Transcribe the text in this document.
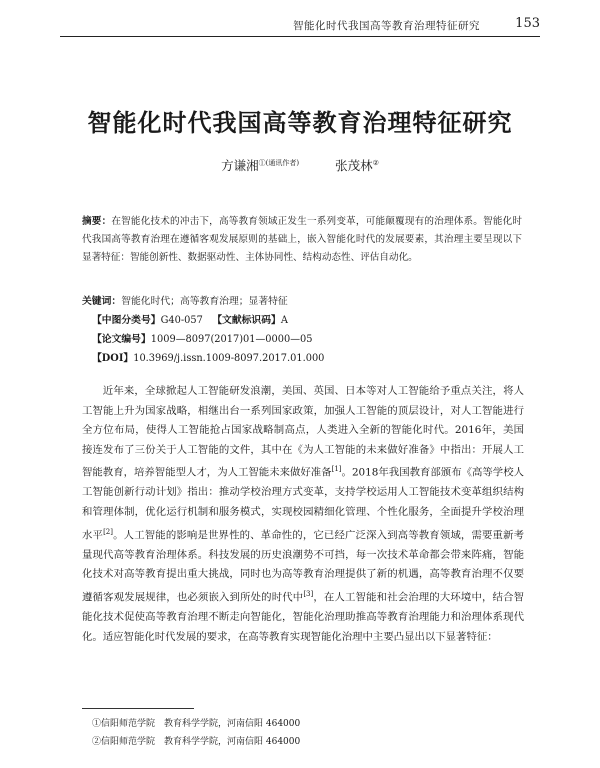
智能化时代我国高等教育治理特征研究	153
智能化时代我国高等教育治理特征研究
方谦湘$^{①(通讯作者)}$	张茂林②
摘要：在智能化技术的冲击下，高等教育领域正发生一系列变革，可能颠覆现有的治理体系。智能化时代我国高等教育治理在遵循客观发展原则的基础上，嵌入智能化时代的发展要素，其治理主要呈现以下显著特征：智能创新性、数据驱动性、主体协同性、结构动态性、评估自动化。
关键词：智能化时代；高等教育治理；显著特征
【中图分类号】G40-057 【文献标识码】A
【论文编号】1009—8097(2017)01—0000—05
【DOI】10.3969/j.issn.1009-8097.2017.01.000
近年来，全球掀起人工智能研发浪潮，美国、英国、日本等对人工智能给予重点关注，将人工智能上升为国家战略，相继出台一系列国家政策，加强人工智能的顶层设计，对人工智能进行全方位布局，使得人工智能抢占国家战略制高点，人类进入全新的智能化时代。2016年，美国接连发布了三份关于人工智能的文件，其中在《为人工智能的未来做好准备》中指出：开展人工智能教育，培养智能型人才，为人工智能未来做好准备[1]。2018年我国教育部颁布《高等学校人工智能创新行动计划》指出：推动学校治理方式变革，支持学校运用人工智能技术变革组织结构和管理体制，优化运行机制和服务模式，实现校园精细化管理、个性化服务，全面提升学校治理水平[2]。人工智能的影响是世界性的、革命性的，它已经广泛深入到高等教育领域，需要重新考量现代高等教育治理体系。科技发展的历史浪潮势不可挡，每一次技术革命都会带来阵痛，智能化技术对高等教育提出重大挑战，同时也为高等教育治理提供了新的机遇，高等教育治理不仅要遵循客观发展规律，也必须嵌入到所处的时代中[3]，在人工智能和社会治理的大环境中，结合智能化技术促使高等教育治理不断走向智能化，智能化治理助推高等教育治理能力和治理体系现代化。适应智能化时代发展的要求，在高等教育实现智能化治理中主要凸显出以下显著特征：
①信阳师范学院　教育科学学院，河南信阳 464000
②信阳师范学院　教育科学学院，河南信阳 464000
